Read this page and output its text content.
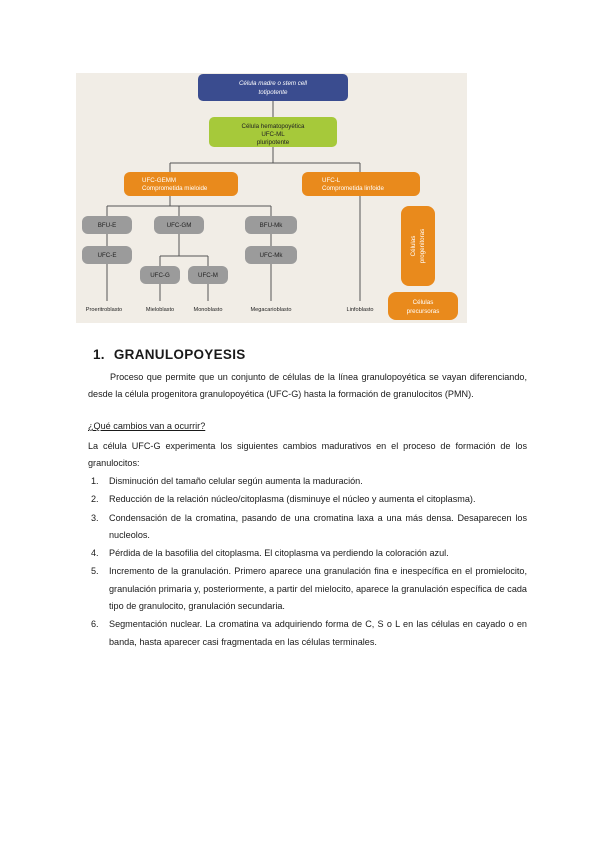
Célula madre o stem cell
totipotente
Célula hematopoyética
UFC-ML
pluripotente
UFC-GEMM
Comprometida mieloide
UFC-L
Comprometida linfoide
BFU-E	UFC-GM	BFU-Mk
UFC-E	UFC-Mk
UFC-G	UFC-M
Células progenitoras
Células
precursoras
Proeritroblasto	Mieloblasto	Monoblasto	Megacarioblasto	Linfoblasto
1. GRANULOPOYESIS
Proceso que permite que un conjunto de células de la línea granulopoyética se vayan diferenciando, desde la célula progenitora granulopoyética (UFC-G) hasta la formación de granulocitos (PMN).
¿Qué cambios van a ocurrir?
La célula UFC-G experimenta los siguientes cambios madurativos en el proceso de formación de los granulocitos:
1. Disminución del tamaño celular según aumenta la maduración.
2. Reducción de la relación núcleo/citoplasma (disminuye el núcleo y aumenta el citoplasma).
3. Condensación de la cromatina, pasando de una cromatina laxa a una más densa. Desaparecen los nucleolos.
4. Pérdida de la basofilia del citoplasma. El citoplasma va perdiendo la coloración azul.
5. Incremento de la granulación. Primero aparece una granulación fina e inespecífica en el promielocito, granulación primaria y, posteriormente, a partir del mielocito, aparece la granulación específica de cada tipo de granulocito, granulación secundaria.
6. Segmentación nuclear. La cromatina va adquiriendo forma de C, S o L en las células en cayado o en banda, hasta aparecer casi fragmentada en las células terminales.
